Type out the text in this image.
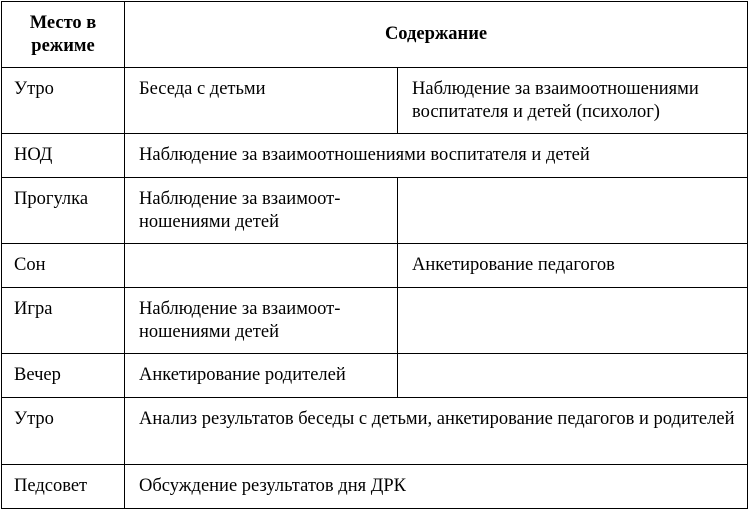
Место в режиме	Содержание	

Утро	Беседа с детьми	Наблюдение за взаимоотношениями воспитателя и детей (психолог)

НОД	Наблюдение за взаимоотношениями воспитателя и детей	

Прогулка	Наблюдение за взаимоот-ношениями детей	

Сон		Анкетирование педагогов

Игра	Наблюдение за взаимоот-ношениями детей	

Вечер	Анкетирование родителей	

Утро	Анализ результатов беседы с детьми, анкетирование педагогов и родителей	

Педсовет	Обсуждение результатов дня ДРК	
